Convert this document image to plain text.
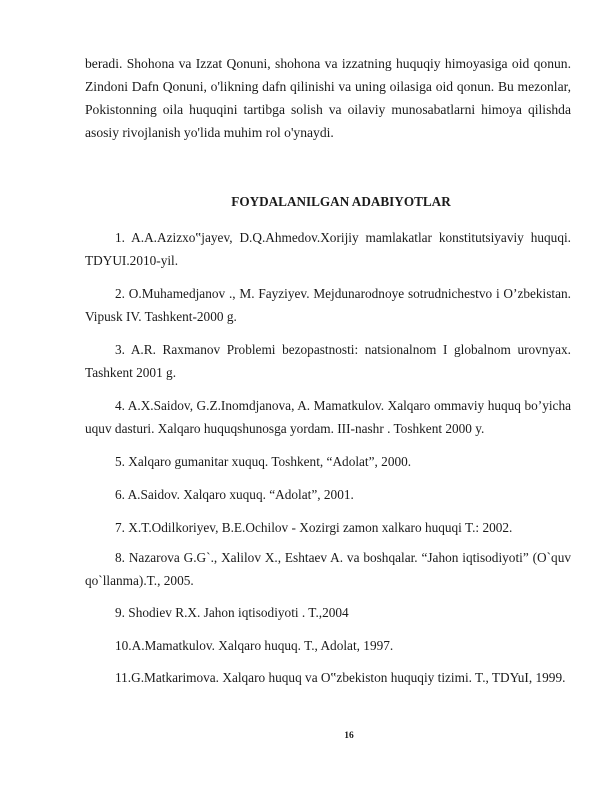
beradi. Shohona va Izzat Qonuni, shohona va izzatning huquqiy himoyasiga oid qonun. Zindoni Dafn Qonuni, o'likning dafn qilinishi va uning oilasiga oid qonun. Bu mezonlar, Pokistonning oila huquqini tartibga solish va oilaviy munosabatlarni himoya qilishda asosiy rivojlanish yo'lida muhim rol o'ynaydi.

FOYDALANILGAN ADABIYOTLAR

1. A.A.Azizxo‟jayev, D.Q.Ahmedov.Xorijiy mamlakatlar konstitutsiyaviy huquqi. TDYUI.2010-yil.

2. O.Muhamedjanov ., M. Fayziyev. Mejdunarodnoye sotrudnichestvo i O’zbekistan. Vipusk IV. Tashkent-2000 g.

3. A.R. Raxmanov Problemi bezopastnosti: natsionalnom I globalnom urovnyax. Tashkent 2001 g.

4. A.X.Saidov, G.Z.Inomdjanova, A. Mamatkulov. Xalqaro ommaviy huquq bo’yicha uquv dasturi. Xalqaro huquqshunosga yordam. III-nashr . Toshkent 2000 y.

5. Xalqaro gumanitar xuquq. Toshkent, “Adolat”, 2000.

6. A.Saidov. Xalqaro xuquq. “Adolat”, 2001.

7. X.T.Odilkoriyev, B.E.Ochilov - Xozirgi zamon xalkaro huquqi T.: 2002.

8. Nazarova G.G`., Xalilov X., Eshtaev A. va boshqalar. “Jahon iqtisodiyoti” (O`quv qo`llanma).T., 2005.

9. Shodiev R.X. Jahon iqtisodiyoti . T.,2004

10.A.Mamatkulov. Xalqaro huquq. T., Adolat, 1997.

11.G.Matkarimova. Xalqaro huquq va O‟zbekiston huquqiy tizimi. T., TDYuI, 1999.

16
